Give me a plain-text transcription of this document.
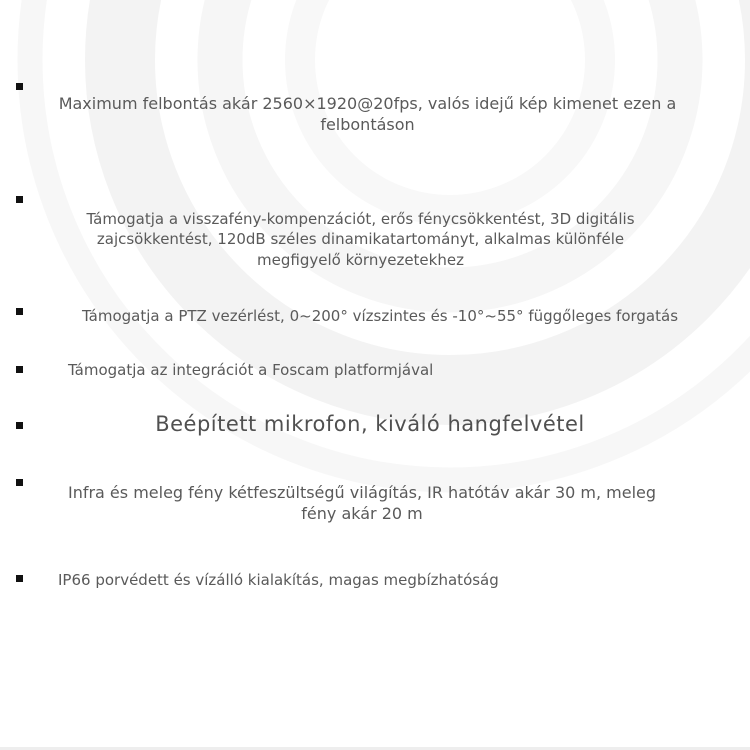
Maximum felbontás akár 2560×1920@20fps, valós idejű kép kimenet ezen a felbontáson
Támogatja a visszafény-kompenzációt, erős fénycsökkentést, 3D digitális zajcsökkentést, 120dB széles dinamikatartományt, alkalmas különféle megfigyelő környezetekhez
Támogatja a PTZ vezérlést, 0~200° vízszintes és -10°~55° függőleges forgatás
Támogatja az integrációt a Foscam platformjával
Beépített mikrofon, kiváló hangfelvétel
Infra és meleg fény kétfeszültségű világítás, IR hatótáv akár 30 m, meleg fény akár 20 m
IP66 porvédett és vízálló kialakítás, magas megbízhatóság
